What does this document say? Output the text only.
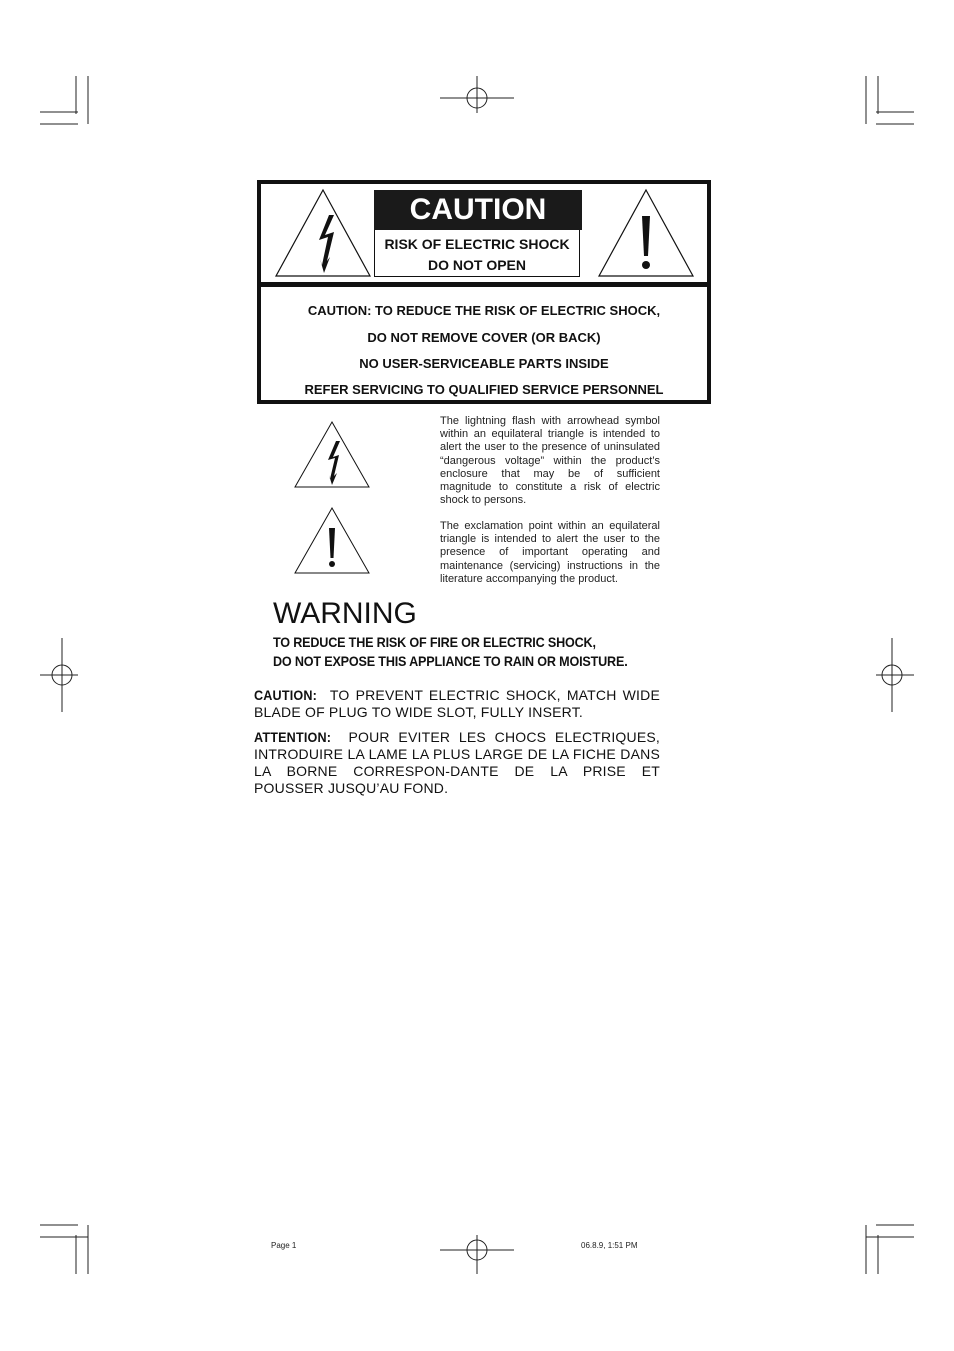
CAUTION
RISK OF ELECTRIC SHOCK
DO NOT OPEN
CAUTION: TO REDUCE THE RISK OF ELECTRIC SHOCK,
DO NOT REMOVE COVER (OR BACK)
NO USER-SERVICEABLE PARTS INSIDE
REFER SERVICING TO QUALIFIED SERVICE PERSONNEL
The lightning flash with arrowhead symbol within an equilateral triangle is intended to alert the user to the presence of uninsulated “dangerous voltage” within the product’s enclosure that may be of sufficient magnitude to constitute a risk of electric shock to persons.
The exclamation point within an equilateral triangle is intended to alert the user to the presence of important operating and maintenance (servicing) instructions in the literature accompanying the product.
WARNING
TO REDUCE THE RISK OF FIRE OR ELECTRIC SHOCK,
DO NOT EXPOSE THIS APPLIANCE TO RAIN OR MOISTURE.
CAUTION: TO PREVENT ELECTRIC SHOCK, MATCH WIDE BLADE OF PLUG TO WIDE SLOT, FULLY INSERT.
ATTENTION: POUR EVITER LES CHOCS ELECTRIQUES, INTRODUIRE LA LAME LA PLUS LARGE DE LA FICHE DANS LA BORNE CORRESPON-DANTE DE LA PRISE ET POUSSER JUSQU’AU FOND.
Page 1	06.8.9, 1:51 PM
